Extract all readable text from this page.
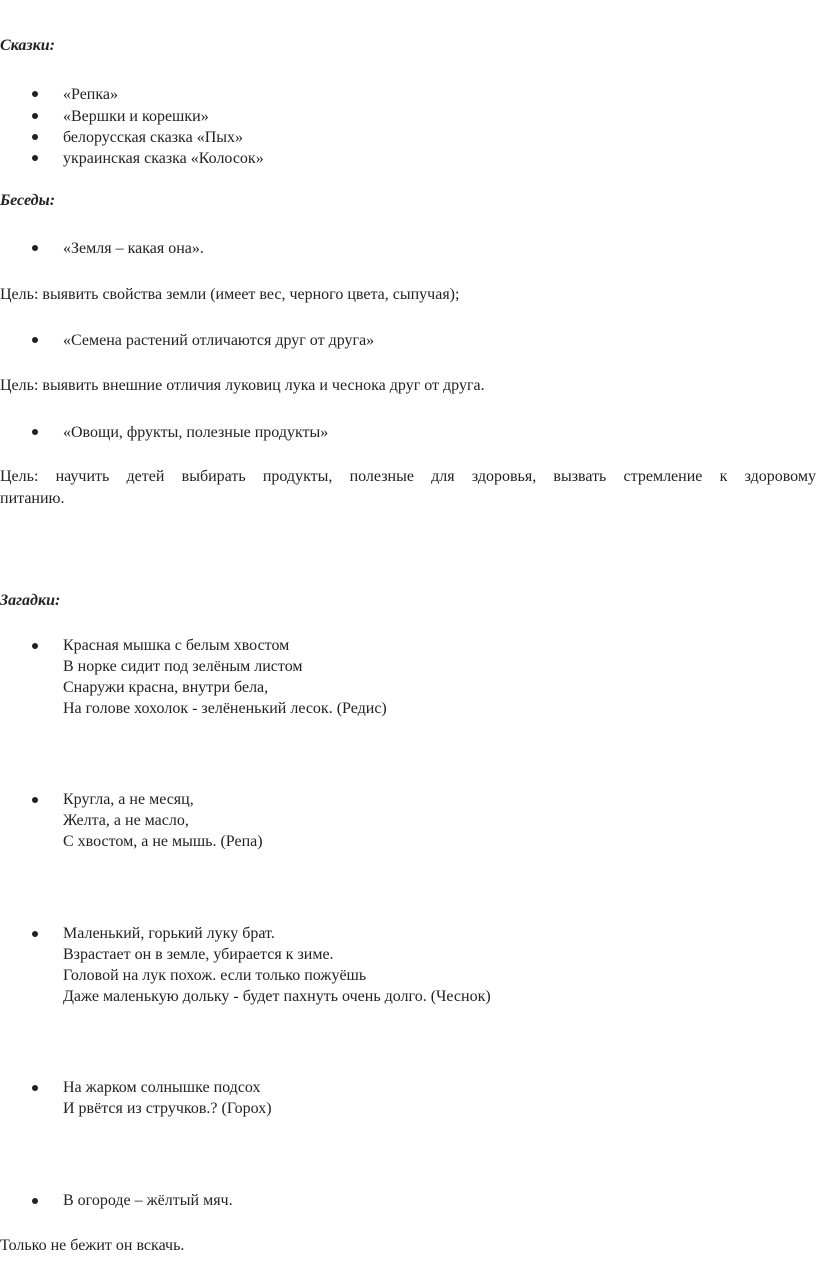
Сказки:
«Репка»
«Вершки и корешки»
белорусская сказка «Пых»
украинская сказка «Колосок»
Беседы:
«Земля – какая она».
Цель: выявить свойства земли (имеет вес, черного цвета, сыпучая);
«Семена растений отличаются друг от друга»
Цель: выявить внешние отличия луковиц лука и чеснока друг от друга.
«Овощи, фрукты, полезные продукты»
Цель: научить детей выбирать продукты, полезные для здоровья, вызвать стремление к здоровому
питанию.
Загадки:
Красная мышка с белым хвостом
В норке сидит под зелёным листом
Снаружи красна, внутри бела,
На голове хохолок - зелёненький лесок. (Редис)
Кругла, а не месяц,
Желта, а не масло,
С хвостом, а не мышь. (Репа)
Маленький, горький луку брат.
Взрастает он в земле, убирается к зиме.
Головой на лук похож. если только пожуёшь
Даже маленькую дольку - будет пахнуть очень долго. (Чеснок)
На жарком солнышке подсох
И рвётся из стручков.? (Горох)
В огороде – жёлтый мяч.
Только не бежит он вскачь.
